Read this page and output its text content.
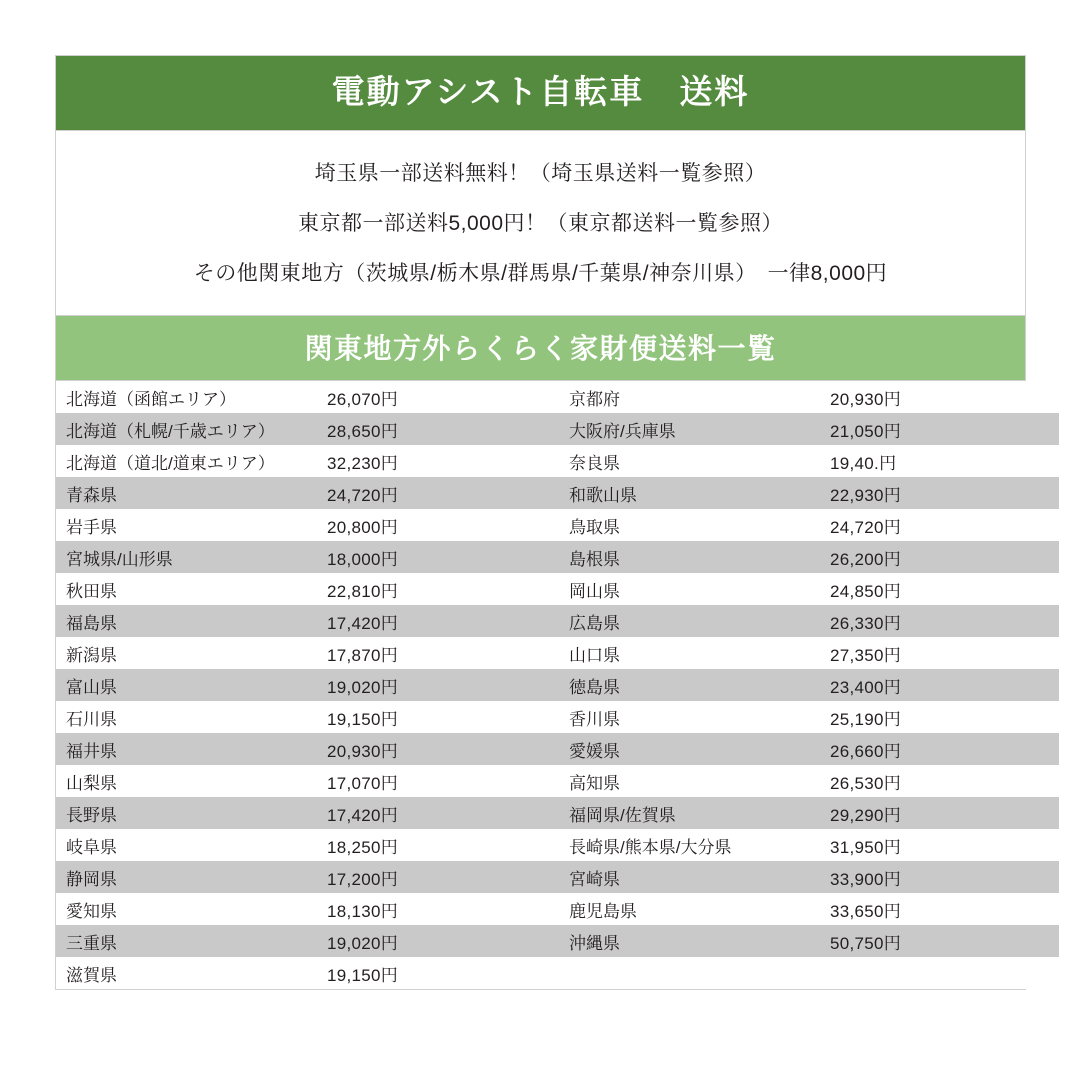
電動アシスト自転車　送料
埼玉県一部送料無料！（埼玉県送料一覧参照）
東京都一部送料5,000円！（東京都送料一覧参照）
その他関東地方（茨城県/栃木県/群馬県/千葉県/神奈川県）　一律8,000円
関東地方外らくらく家財便送料一覧
北海道（函館エリア）	26,070円	京都府	20,930円
北海道（札幌/千歳エリア）	28,650円	大阪府/兵庫県	21,050円
北海道（道北/道東エリア）	32,230円	奈良県	19,40.円
青森県	24,720円	和歌山県	22,930円
岩手県	20,800円	鳥取県	24,720円
宮城県/山形県	18,000円	島根県	26,200円
秋田県	22,810円	岡山県	24,850円
福島県	17,420円	広島県	26,330円
新潟県	17,870円	山口県	27,350円
富山県	19,020円	徳島県	23,400円
石川県	19,150円	香川県	25,190円
福井県	20,930円	愛媛県	26,660円
山梨県	17,070円	高知県	26,530円
長野県	17,420円	福岡県/佐賀県	29,290円
岐阜県	18,250円	長崎県/熊本県/大分県	31,950円
静岡県	17,200円	宮崎県	33,900円
愛知県	18,130円	鹿児島県	33,650円
三重県	19,020円	沖縄県	50,750円
滋賀県	19,150円		
